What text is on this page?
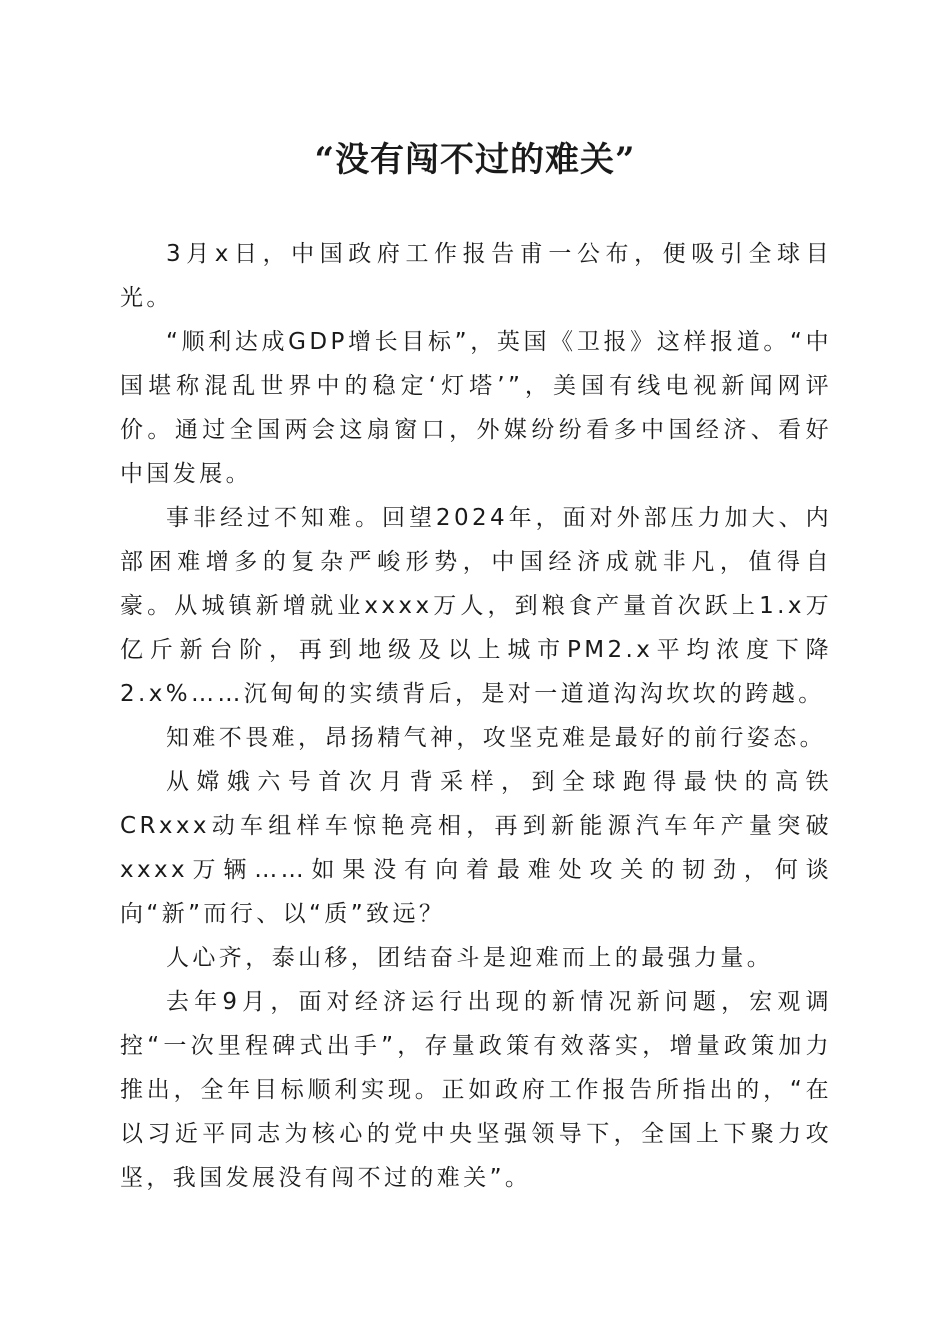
“没有闯不过的难关”

3月x日，中国政府工作报告甫一公布，便吸引全球目光。

“顺利达成GDP增长目标”，英国《卫报》这样报道。“中国堪称混乱世界中的稳定‘灯塔’”，美国有线电视新闻网评价。通过全国两会这扇窗口，外媒纷纷看多中国经济、看好中国发展。

事非经过不知难。回望2024年，面对外部压力加大、内部困难增多的复杂严峻形势，中国经济成就非凡，值得自豪。从城镇新增就业xxxx万人，到粮食产量首次跃上1.x万亿斤新台阶，再到地级及以上城市PM2.x平均浓度下降2.x%……沉甸甸的实绩背后，是对一道道沟沟坎坎的跨越。

知难不畏难，昂扬精气神，攻坚克难是最好的前行姿态。

从嫦娥六号首次月背采样，到全球跑得最快的高铁CRxxx动车组样车惊艳亮相，再到新能源汽车年产量突破xxxx万辆……如果没有向着最难处攻关的韧劲，何谈向“新”而行、以“质”致远？

人心齐，泰山移，团结奋斗是迎难而上的最强力量。

去年9月，面对经济运行出现的新情况新问题，宏观调控“一次里程碑式出手”，存量政策有效落实，增量政策加力推出，全年目标顺利实现。正如政府工作报告所指出的，“在以习近平同志为核心的党中央坚强领导下，全国上下聚力攻坚，我国发展没有闯不过的难关”。
